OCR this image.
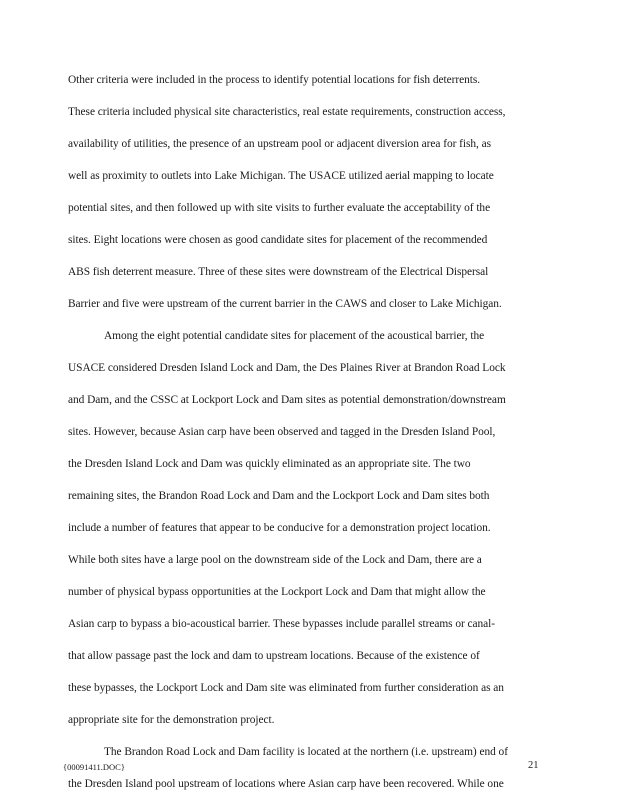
Other criteria were included in the process to identify potential locations for fish deterrents.
These criteria included physical site characteristics, real estate requirements, construction access,
availability of utilities, the presence of an upstream pool or adjacent diversion area for fish, as
well as proximity to outlets into Lake Michigan. The USACE utilized aerial mapping to locate
potential sites, and then followed up with site visits to further evaluate the acceptability of the
sites. Eight locations were chosen as good candidate sites for placement of the recommended
ABS fish deterrent measure. Three of these sites were downstream of the Electrical Dispersal
Barrier and five were upstream of the current barrier in the CAWS and closer to Lake Michigan.
Among the eight potential candidate sites for placement of the acoustical barrier, the
USACE considered Dresden Island Lock and Dam, the Des Plaines River at Brandon Road Lock
and Dam, and the CSSC at Lockport Lock and Dam sites as potential demonstration/downstream
sites. However, because Asian carp have been observed and tagged in the Dresden Island Pool,
the Dresden Island Lock and Dam was quickly eliminated as an appropriate site. The two
remaining sites, the Brandon Road Lock and Dam and the Lockport Lock and Dam sites both
include a number of features that appear to be conducive for a demonstration project location.
While both sites have a large pool on the downstream side of the Lock and Dam, there are a
number of physical bypass opportunities at the Lockport Lock and Dam that might allow the
Asian carp to bypass a bio-acoustical barrier. These bypasses include parallel streams or canal-
that allow passage past the lock and dam to upstream locations. Because of the existence of
these bypasses, the Lockport Lock and Dam site was eliminated from further consideration as an
appropriate site for the demonstration project.
The Brandon Road Lock and Dam facility is located at the northern (i.e. upstream) end of
the Dresden Island pool upstream of locations where Asian carp have been recovered. While one
{00091411.DOC}	21
